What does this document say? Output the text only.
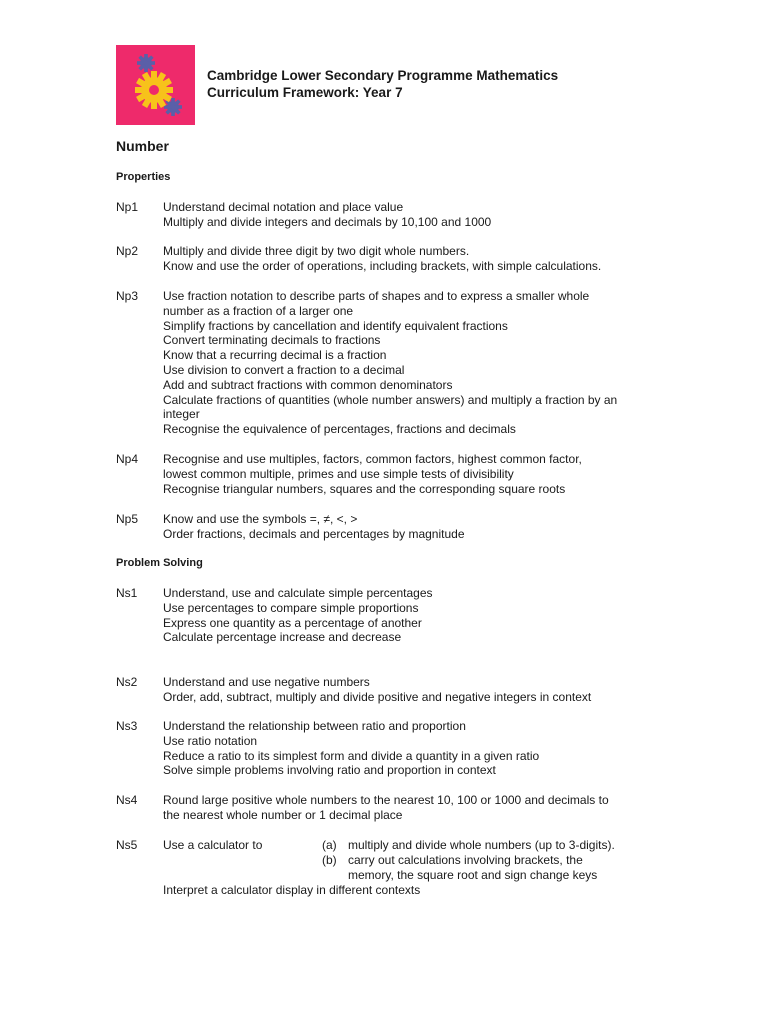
Cambridge Lower Secondary Programme Mathematics
Curriculum Framework: Year 7
Number
Properties
Np1	Understand decimal notation and place value
Multiply and divide integers and decimals by 10,100 and 1000
Np2	Multiply and divide three digit by two digit whole numbers.
Know and use the order of operations, including brackets, with simple calculations.
Np3	Use fraction notation to describe parts of shapes and to express a smaller whole
number as a fraction of a larger one
Simplify fractions by cancellation and identify equivalent fractions
Convert terminating decimals to fractions
Know that a recurring decimal is a fraction
Use division to convert a fraction to a decimal
Add and subtract fractions with common denominators
Calculate fractions of quantities (whole number answers) and multiply a fraction by an
integer
Recognise the equivalence of percentages, fractions and decimals
Np4	Recognise and use multiples, factors, common factors, highest common factor,
lowest common multiple, primes and use simple tests of divisibility
Recognise triangular numbers, squares and the corresponding square roots
Np5	Know and use the symbols =, ≠, <, >
Order fractions, decimals and percentages by magnitude
Problem Solving
Ns1	Understand, use and calculate simple percentages
Use percentages to compare simple proportions
Express one quantity as a percentage of another
Calculate percentage increase and decrease
Ns2	Understand and use negative numbers
Order, add, subtract, multiply and divide positive and negative integers in context
Ns3	Understand the relationship between ratio and proportion
Use ratio notation
Reduce a ratio to its simplest form and divide a quantity in a given ratio
Solve simple problems involving ratio and proportion in context
Ns4	Round large positive whole numbers to the nearest 10, 100 or 1000 and decimals to
the nearest whole number or 1 decimal place
Ns5	Use a calculator to	(a) multiply and divide whole numbers (up to 3-digits).
(b) carry out calculations involving brackets, the
memory, the square root and sign change keys
Interpret a calculator display in different contexts
